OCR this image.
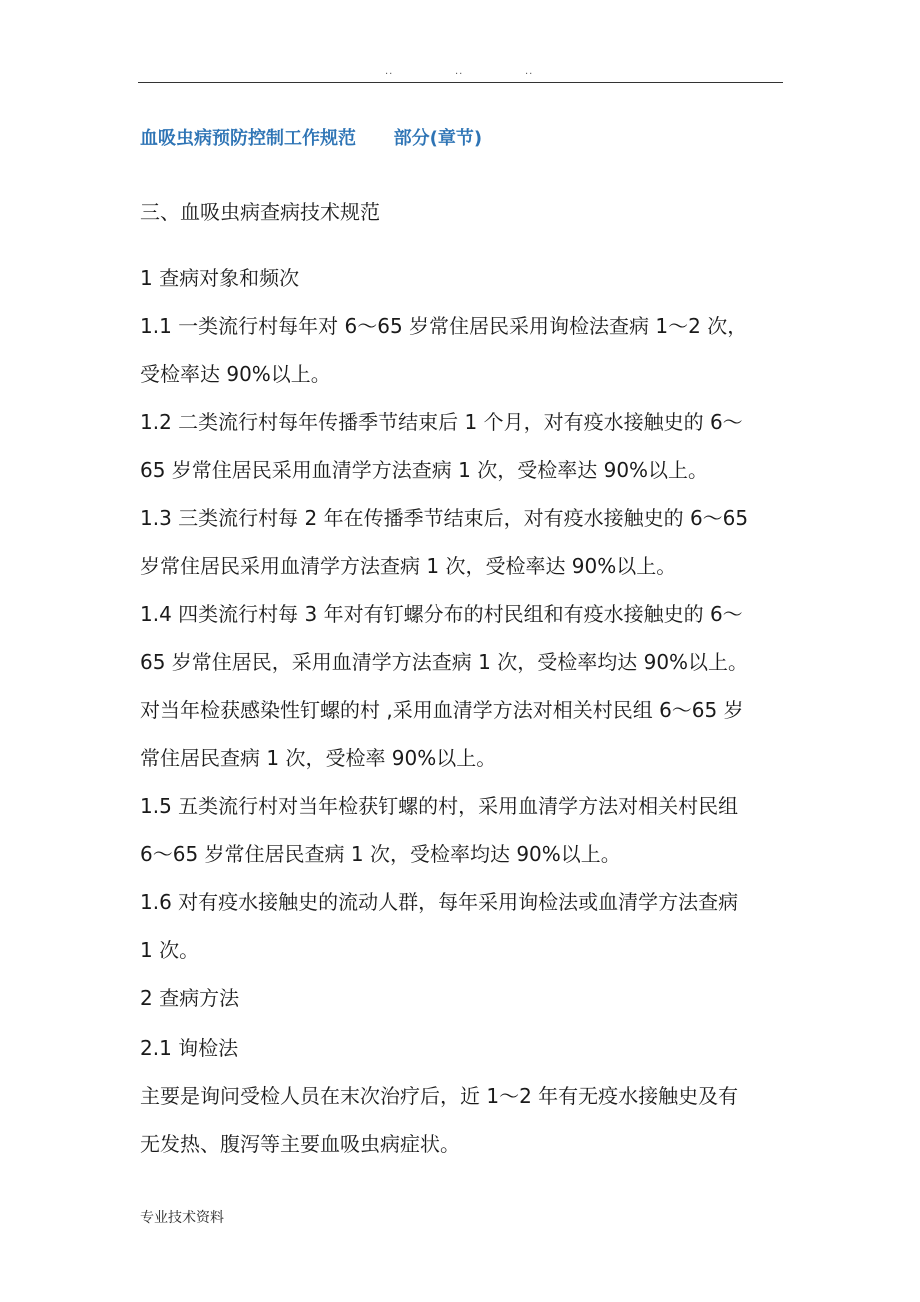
..	..	..
血吸虫病预防控制工作规范      部分(章节)
三、血吸虫病查病技术规范
1 查病对象和频次
1.1 一类流行村每年对 6～65 岁常住居民采用询检法查病 1～2 次，
受检率达 90%以上。
1.2 二类流行村每年传播季节结束后 1 个月，对有疫水接触史的 6～
65 岁常住居民采用血清学方法查病 1 次，受检率达 90%以上。
1.3 三类流行村每 2 年在传播季节结束后，对有疫水接触史的 6～65
岁常住居民采用血清学方法查病 1 次，受检率达 90%以上。
1.4 四类流行村每 3 年对有钉螺分布的村民组和有疫水接触史的 6～
65 岁常住居民，采用血清学方法查病 1 次，受检率均达 90%以上。
对当年检获感染性钉螺的村 ,采用血清学方法对相关村民组 6～65 岁
常住居民查病 1 次，受检率 90%以上。
1.5 五类流行村对当年检获钉螺的村，采用血清学方法对相关村民组
6～65 岁常住居民查病 1 次，受检率均达 90%以上。
1.6 对有疫水接触史的流动人群，每年采用询检法或血清学方法查病
1 次。
2 查病方法
2.1 询检法
主要是询问受检人员在末次治疗后，近 1～2 年有无疫水接触史及有
无发热、腹泻等主要血吸虫病症状。
专业技术资料
